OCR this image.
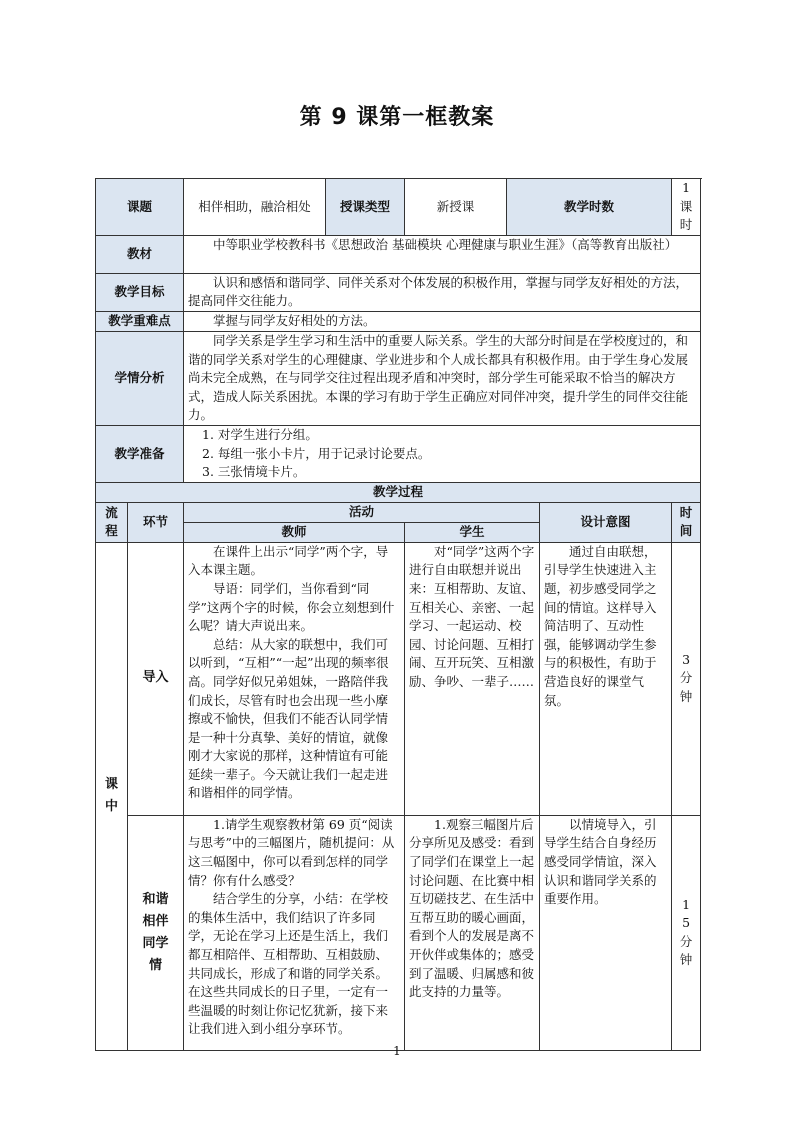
第 9 课第一框教案
课题		相伴相助，融洽相处	授课类型	新授课	教学时数		1 课时
教材		中等职业学校教科书《思想政治 基础模块 心理健康与职业生涯》（高等教育出版社）					
教学目标		认识和感悟和谐同学、同伴关系对个体发展的积极作用，掌握与同学友好相处的方法，提高同伴交往能力。					
教学重难点		掌握与同学友好相处的方法。					
学情分析		同学关系是学生学习和生活中的重要人际关系。学生的大部分时间是在学校度过的，和谐的同学关系对学生的心理健康、学业进步和个人成长都具有积极作用。由于学生身心发展尚未完全成熟，在与同学交往过程出现矛盾和冲突时，部分学生可能采取不恰当的解决方式，造成人际关系困扰。本课的学习有助于学生正确应对同伴冲突，提升学生的同伴交往能力。					
教学准备		1. 对学生进行分组。

2. 每组一张小卡片，用于记录讨论要点。

3. 三张情境卡片。					

教学过程							
流程	环节	活动				设计意图	时间
		教师		学生			
课中	导入	在课件上出示“同学”两个字，导入本课主题。

导语：同学们，当你看到“同学”这两个字的时候，你会立刻想到什么呢？请大声说出来。

总结：从大家的联想中，我们可以听到，“互相”“一起”出现的频率很高。同学好似兄弟姐妹，一路陪伴我们成长，尽管有时也会出现一些小摩擦或不愉快，但我们不能否认同学情是一种十分真挚、美好的情谊，就像刚才大家说的那样，这种情谊有可能延续一辈子。今天就让我们一起走进和谐相伴的同学情。		对“同学”这两个字进行自由联想并说出来：互相帮助、友谊、互相关心、亲密、一起学习、一起运动、校园、讨论问题、互相打闹、互开玩笑、互相激励、争吵、一辈子……		通过自由联想，引导学生快速进入主题，初步感受同学之间的情谊。这样导入简洁明了、互动性强，能够调动学生参与的积极性，有助于营造良好的课堂气氛。	3分钟
	和谐相伴同学情	1.请学生观察教材第 69 页“阅读与思考”中的三幅图片，随机提问：从这三幅图中，你可以看到怎样的同学情？你有什么感受？

结合学生的分享，小结：在学校的集体生活中，我们结识了许多同学，无论在学习上还是生活上，我们都互相陪伴、互相帮助、互相鼓励、共同成长，形成了和谐的同学关系。在这些共同成长的日子里，一定有一些温暖的时刻让你记忆犹新，接下来让我们进入到小组分享环节。		1.观察三幅图片后分享所见及感受：看到了同学们在课堂上一起讨论问题、在比赛中相互切磋技艺、在生活中互帮互助的暖心画面，看到个人的发展是离不开伙伴或集体的；感受到了温暖、归属感和彼此支持的力量等。		以情境导入，引导学生结合自身经历感受同学情谊，深入认识和谐同学关系的重要作用。	15分钟
1
